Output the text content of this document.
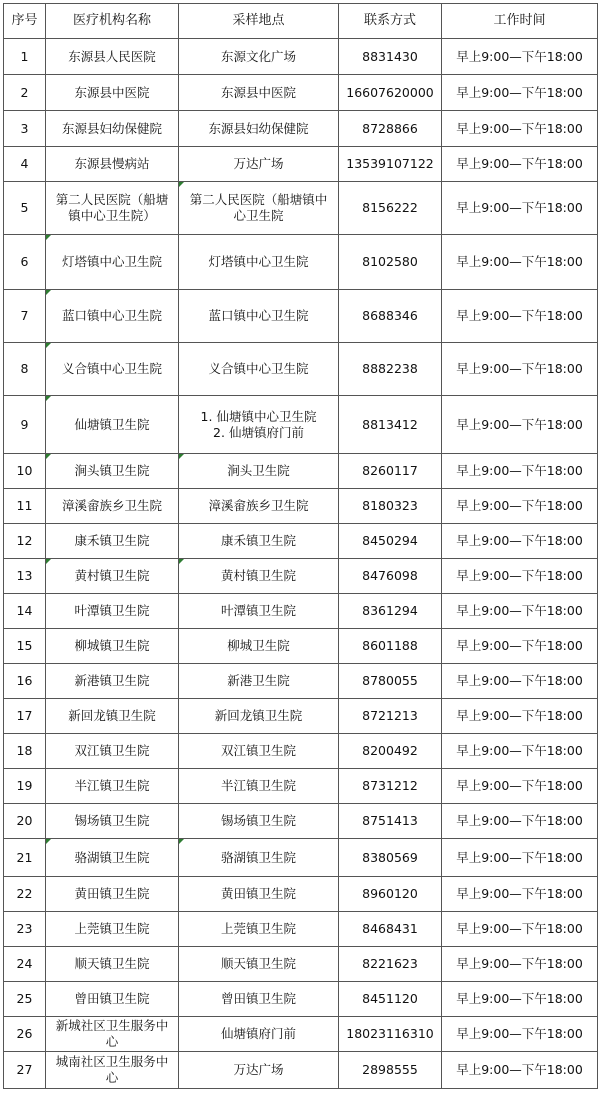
序号	医疗机构名称	采样地点	联系方式	工作时间
1	东源县人民医院	东源文化广场	8831430	早上9:00—下午18:00
2	东源县中医院	东源县中医院	16607620000	早上9:00—下午18:00
3	东源县妇幼保健院	东源县妇幼保健院	8728866	早上9:00—下午18:00
4	东源县慢病站	万达广场	13539107122	早上9:00—下午18:00
5	第二人民医院（船塘
镇中心卫生院）	第二人民医院（船塘镇中
心卫生院	8156222	早上9:00—下午18:00
6	灯塔镇中心卫生院	灯塔镇中心卫生院	8102580	早上9:00—下午18:00
7	蓝口镇中心卫生院	蓝口镇中心卫生院	8688346	早上9:00—下午18:00
8	义合镇中心卫生院	义合镇中心卫生院	8882238	早上9:00—下午18:00
9	仙塘镇卫生院	1. 仙塘镇中心卫生院
2. 仙塘镇府门前	8813412	早上9:00—下午18:00
10	涧头镇卫生院	涧头卫生院	8260117	早上9:00—下午18:00
11	漳溪畲族乡卫生院	漳溪畲族乡卫生院	8180323	早上9:00—下午18:00
12	康禾镇卫生院	康禾镇卫生院	8450294	早上9:00—下午18:00
13	黄村镇卫生院	黄村镇卫生院	8476098	早上9:00—下午18:00
14	叶潭镇卫生院	叶潭镇卫生院	8361294	早上9:00—下午18:00
15	柳城镇卫生院	柳城卫生院	8601188	早上9:00—下午18:00
16	新港镇卫生院	新港卫生院	8780055	早上9:00—下午18:00
17	新回龙镇卫生院	新回龙镇卫生院	8721213	早上9:00—下午18:00
18	双江镇卫生院	双江镇卫生院	8200492	早上9:00—下午18:00
19	半江镇卫生院	半江镇卫生院	8731212	早上9:00—下午18:00
20	锡场镇卫生院	锡场镇卫生院	8751413	早上9:00—下午18:00
21	骆湖镇卫生院	骆湖镇卫生院	8380569	早上9:00—下午18:00
22	黄田镇卫生院	黄田镇卫生院	8960120	早上9:00—下午18:00
23	上莞镇卫生院	上莞镇卫生院	8468431	早上9:00—下午18:00
24	顺天镇卫生院	顺天镇卫生院	8221623	早上9:00—下午18:00
25	曾田镇卫生院	曾田镇卫生院	8451120	早上9:00—下午18:00
26	新城社区卫生服务中
心	仙塘镇府门前	18023116310	早上9:00—下午18:00
27	城南社区卫生服务中
心	万达广场	2898555	早上9:00—下午18:00
